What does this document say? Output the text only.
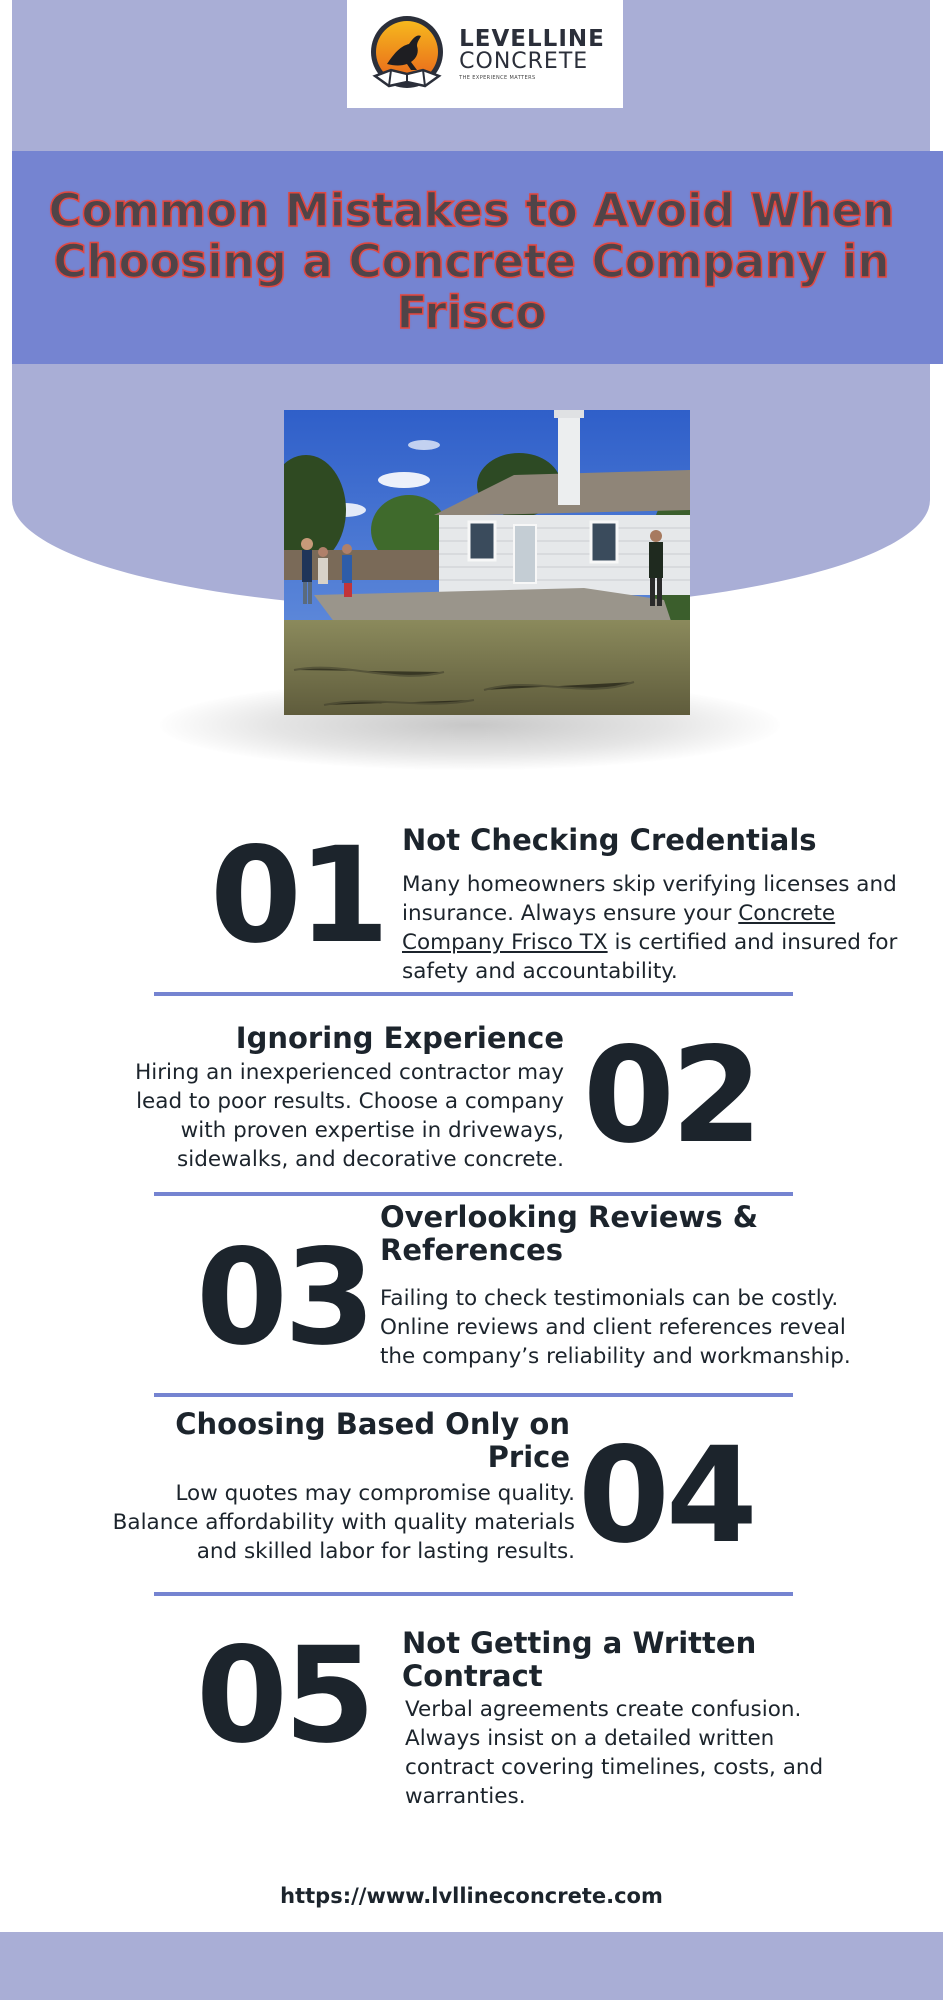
LEVELLINE
CONCRETE
THE EXPERIENCE MATTERS
Common Mistakes to Avoid When Choosing a Concrete Company in Frisco
01 Not Checking Credentials

Many homeowners skip verifying licenses and insurance. Always ensure your Concrete Company Frisco TX is certified and insured for safety and accountability.

Ignoring Experience

Hiring an inexperienced contractor may lead to poor results. Choose a company with proven expertise in driveways, sidewalks, and decorative concrete. 02
03
Overlooking Reviews & References

Failing to check testimonials can be costly. Online reviews and client references reveal the company’s reliability and workmanship.

Choosing Based Only on Price

Low quotes may compromise quality. Balance affordability with quality materials and skilled labor for lasting results. 04
05 Not Getting a Written Contract

Verbal agreements create confusion. Always insist on a detailed written contract covering timelines, costs, and warranties.

https://www.lvllineconcrete.com
